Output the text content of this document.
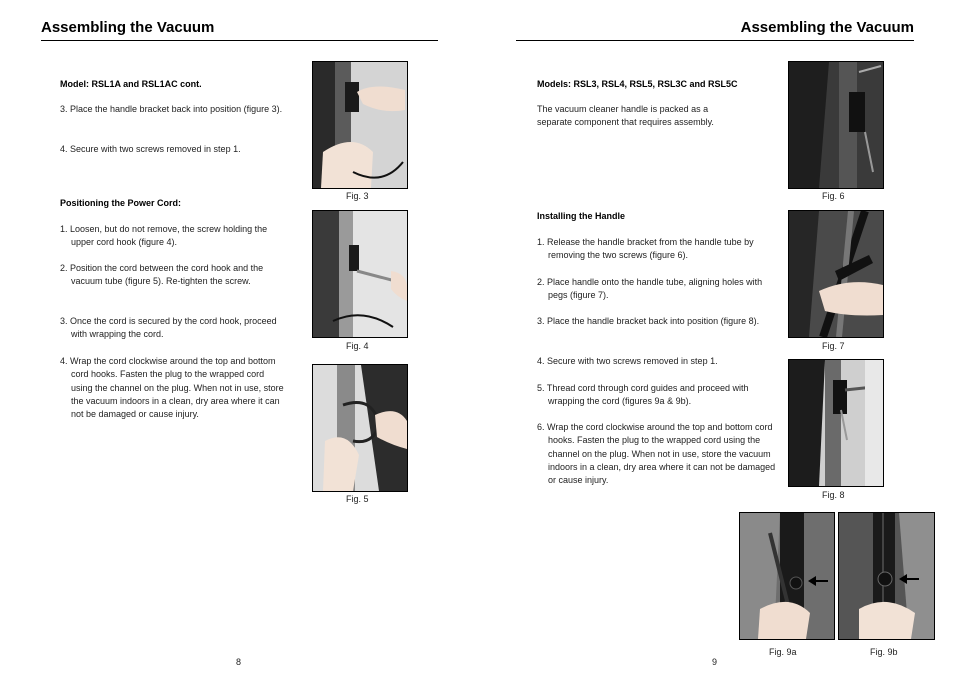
Assembling the Vacuum
Model: RSL1A and RSL1AC cont.
3. Place the handle bracket back into position (figure 3).
4. Secure with two screws removed in step 1.
Positioning the Power Cord:
1. Loosen, but do not remove, the screw holding the upper cord hook (figure 4).
2. Position the cord between the cord hook and the vacuum tube (figure 5). Re-tighten the screw.
3. Once the cord is secured by the cord hook, proceed with wrapping the cord.
4. Wrap the cord clockwise around the top and bottom cord hooks. Fasten the plug to the wrapped cord using the channel on the plug. When not in use, store the vacuum indoors in a clean, dry area where it can not be damaged or cause injury.
Fig. 3
Fig. 4
Fig. 5
8
Assembling the Vacuum
Models: RSL3, RSL4, RSL5, RSL3C and RSL5C
The vacuum cleaner handle is packed as a separate component that requires assembly.
Installing the Handle
1. Release the handle bracket from the handle tube by removing the two screws (figure 6).
2. Place handle onto the handle tube, aligning holes with pegs (figure 7).
3. Place the handle bracket back into position (figure 8).
4. Secure with two screws removed in step 1.
5. Thread cord through cord guides and proceed with wrapping the cord (figures 9a & 9b).
6. Wrap the cord clockwise around the top and bottom cord hooks. Fasten the plug to the wrapped cord using the channel on the plug. When not in use, store the vacuum indoors in a clean, dry area where it can not be damaged or cause injury.
Fig. 6
Fig. 7
Fig. 8
Fig. 9a	Fig. 9b
9
